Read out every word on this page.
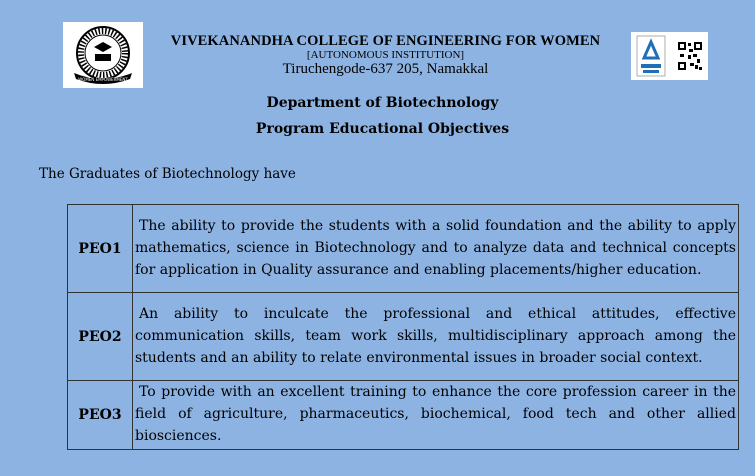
WOMEN EMPOWERMENT
VIVEKANANDHA COLLEGE OF ENGINEERING FOR WOMEN
[AUTONOMOUS INSTITUTION]
Tiruchengode-637 205, Namakkal
Department of Biotechnology
Program Educational Objectives
The Graduates of Biotechnology have
PEO1	The ability to provide the students with a solid foundation and the ability to apply mathematics, science in Biotechnology and to analyze data and technical concepts for application in Quality assurance and enabling placements/higher education.
PEO2	An ability to inculcate the professional and ethical attitudes, effective communication skills, team work skills, multidisciplinary approach among the students and an ability to relate environmental issues in broader social context.
PEO3	To provide with an excellent training to enhance the core profession career in the field of agriculture, pharmaceutics, biochemical, food tech and other allied biosciences.
